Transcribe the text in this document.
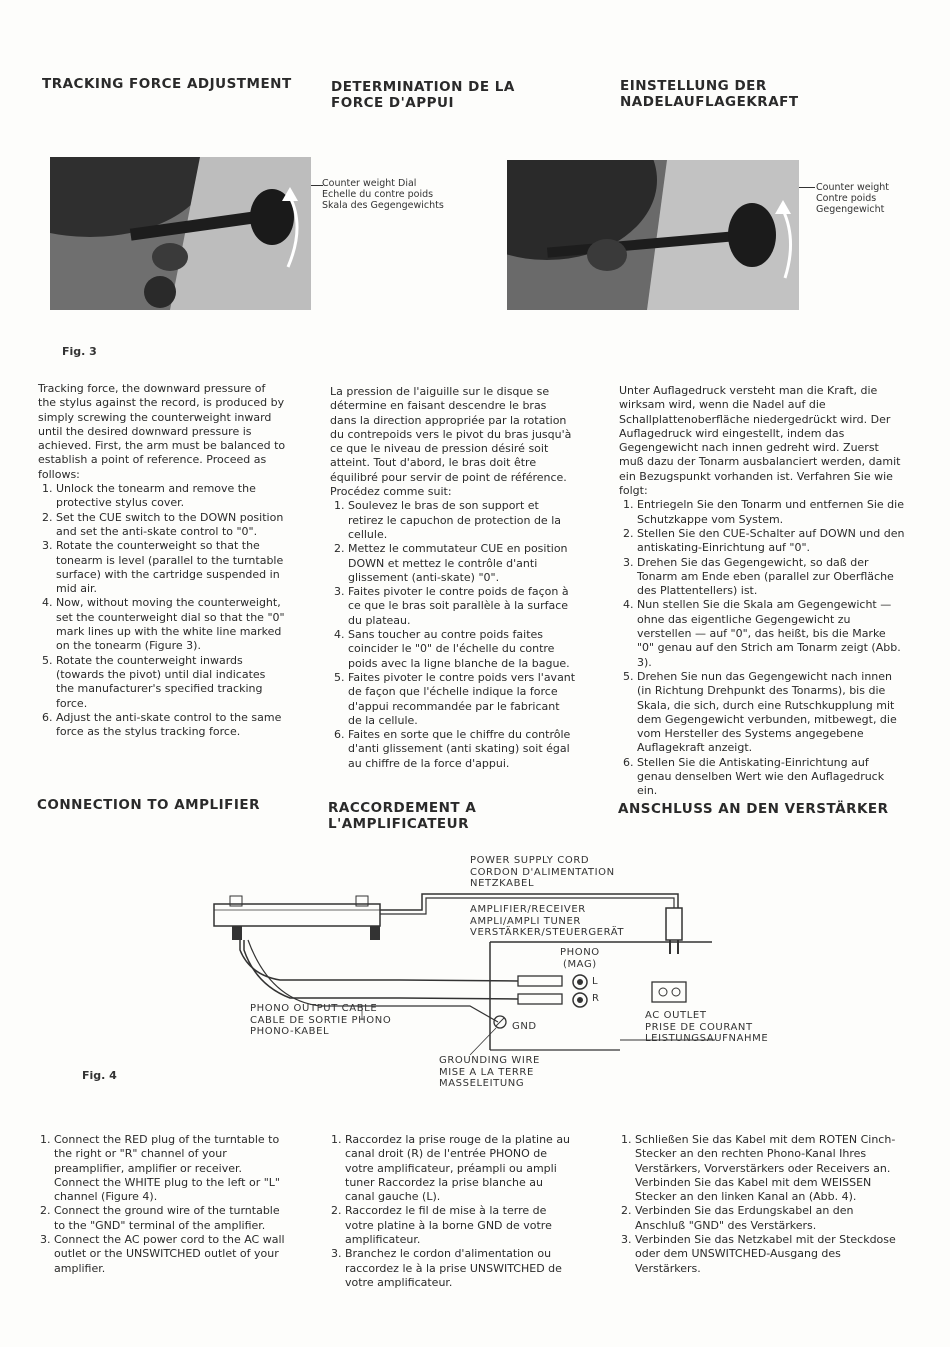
TRACKING FORCE ADJUSTMENT	DETERMINATION DE LA FORCE D'APPUI
EINSTELLUNG DER
NADELAUFLAGEKRAFT
Counter weight Dial
Echelle du contre poids
Skala des Gegengewichts
Counter weight
Contre poids
Gegengewicht
Fig. 3

Tracking force, the downward pressure of the stylus against the record, is produced by simply screwing the counterweight inward until the desired downward pressure is achieved. First, the arm must be balanced to establish a point of reference. Proceed as follows:

1. Unlock the tonearm and remove the protective stylus cover.
2. Set the CUE switch to the DOWN position and set the anti-skate control to "0".
3. Rotate the counterweight so that the tonearm is level (parallel to the turntable surface) with the cartridge suspended in mid air.
4. Now, without moving the counterweight, set the counterweight dial so that the "0" mark lines up with the white line marked on the tonearm (Figure 3).
5. Rotate the counterweight inwards (towards the pivot) until dial indicates the manufacturer's specified tracking force.
6. Adjust the anti-skate control to the same force as the stylus tracking force.

La pression de l'aiguille sur le disque se détermine en faisant descendre le bras dans la direction appropriée par la rotation du contrepoids vers le pivot du bras jusqu'à ce que le niveau de pression désiré soit atteint. Tout d'abord, le bras doit être équilibré pour servir de point de référence. Procédez comme suit:

1. Soulevez le bras de son support et retirez le capuchon de protection de la cellule.
2. Mettez le commutateur CUE en position DOWN et mettez le contrôle d'anti glissement (anti-skate) "0".
3. Faites pivoter le contre poids de façon à ce que le bras soit parallèle à la surface du plateau.
4. Sans toucher au contre poids faites coincider le "0" de l'échelle du contre poids avec la ligne blanche de la bague.
5. Faites pivoter le contre poids vers l'avant de façon que l'échelle indique la force d'appui recommandée par le fabricant de la cellule.
6. Faites en sorte que le chiffre du contrôle d'anti glissement (anti skating) soit égal au chiffre de la force d'appui.

Unter Auflagedruck versteht man die Kraft, die wirksam wird, wenn die Nadel auf die Schallplattenoberfläche niedergedrückt wird. Der Auflagedruck wird eingestellt, indem das Gegengewicht nach innen gedreht wird. Zuerst muß dazu der Tonarm ausbalanciert werden, damit ein Bezugspunkt vorhanden ist. Verfahren Sie wie folgt:

1. Entriegeln Sie den Tonarm und entfernen Sie die Schutzkappe vom System.
2. Stellen Sie den CUE-Schalter auf DOWN und den antiskating-Einrichtung auf "0".
3. Drehen Sie das Gegengewicht, so daß der Tonarm am Ende eben (parallel zur Oberfläche des Plattentellers) ist.
4. Nun stellen Sie die Skala am Gegengewicht — ohne das eigentliche Gegengewicht zu verstellen — auf "0", das heißt, bis die Marke "0" genau auf den Strich am Tonarm zeigt (Abb. 3).
5. Drehen Sie nun das Gegengewicht nach innen (in Richtung Drehpunkt des Tonarms), bis die Skala, die sich, durch eine Rutschkupplung mit dem Gegengewicht verbunden, mitbewegt, die vom Hersteller des Systems angegebene Auflagekraft anzeigt.
6. Stellen Sie die Antiskating-Einrichtung auf genau denselben Wert wie den Auflagedruck ein.
CONNECTION TO AMPLIFIER	RACCORDEMENT A
L'AMPLIFICATEUR
ANSCHLUSS AN DEN VERSTÄRKER
POWER SUPPLY CORD
CORDON D'ALIMENTATION
NETZKABEL
AMPLIFIER/RECEIVER
AMPLI/AMPLI TUNER
VERSTÄRKER/STEUERGERÄT
PHONO
(MAG)
L
R
GND
PHONO OUTPUT CABLE
CABLE DE SORTIE PHONO
PHONO-KABEL
AC OUTLET
PRISE DE COURANT
LEISTUNGSAUFNAHME
GROUNDING WIRE
MISE A LA TERRE
MASSELEITUNG
Fig. 4
1. Connect the RED plug of the turntable to the right or "R" channel of your preamplifier, amplifier or receiver. Connect the WHITE plug to the left or "L" channel (Figure 4).
2. Connect the ground wire of the turntable to the "GND" terminal of the amplifier.
3. Connect the AC power cord to the AC wall outlet or the UNSWITCHED outlet of your amplifier.
1. Raccordez la prise rouge de la platine au canal droit (R) de l'entrée PHONO de votre amplificateur, préampli ou ampli tuner Raccordez la prise blanche au canal gauche (L).
2. Raccordez le fil de mise à la terre de votre platine à la borne GND de votre amplificateur.
3. Branchez le cordon d'alimentation ou raccordez le à la prise UNSWITCHED de votre amplificateur.
1. Schließen Sie das Kabel mit dem ROTEN Cinch-Stecker an den rechten Phono-Kanal Ihres Verstärkers, Vorverstärkers oder Receivers an. Verbinden Sie das Kabel mit dem WEISSEN Stecker an den linken Kanal an (Abb. 4).
2. Verbinden Sie das Erdungskabel an den Anschluß "GND" des Verstärkers.
3. Verbinden Sie das Netzkabel mit der Steckdose oder dem UNSWITCHED-Ausgang des Verstärkers.
